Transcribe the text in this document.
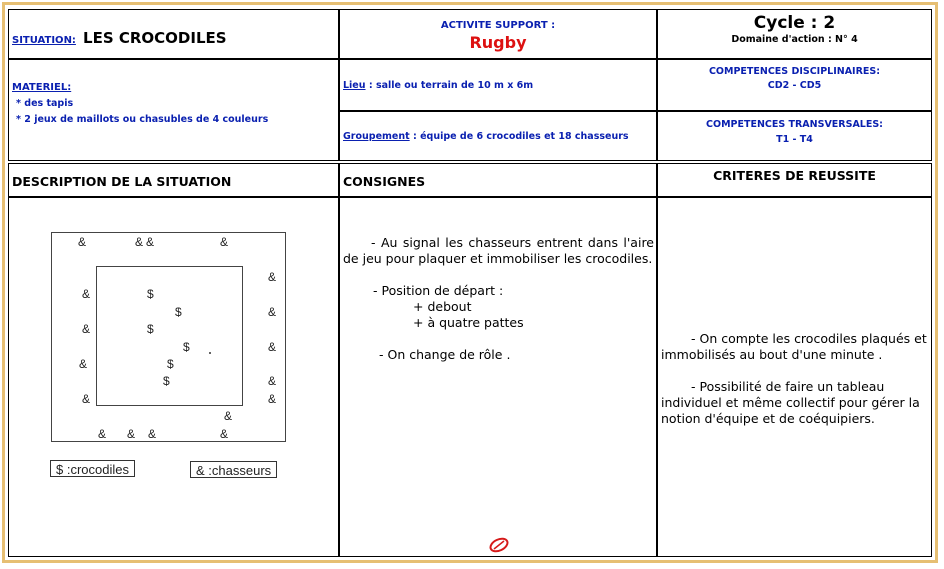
SITUATION: LES CROCODILES
ACTIVITE SUPPORT :
Rugby
Cycle : 2
Domaine d'action : N° 4
MATERIEL:
* des tapis
* 2 jeux de maillots ou chasubles de 4 couleurs
Lieu : salle ou terrain de 10 m x 6m
Groupement : équipe de 6 crocodiles et 18 chasseurs
COMPETENCES DISCIPLINAIRES:
CD2 - CD5
COMPETENCES TRANSVERSALES:
T1 - T4
DESCRIPTION DE LA SITUATION	CONSIGNES	CRITERES DE REUSSITE
&	& &	&
&
&
&
&
&
&
&
&	&
&
& & &	&
$
$
$
$
$
$
$ :crocodiles	& :chasseurs
- Au signal les chasseurs entrent dans l'aire de jeu pour plaquer et immobiliser les crocodiles.
- Position de départ :
+ debout
+ à quatre pattes
- On change de rôle .
- On compte les crocodiles plaqués et immobilisés au bout d'une minute .
- Possibilité de faire un tableau individuel et même collectif pour gérer la notion d'équipe et de coéquipiers.
